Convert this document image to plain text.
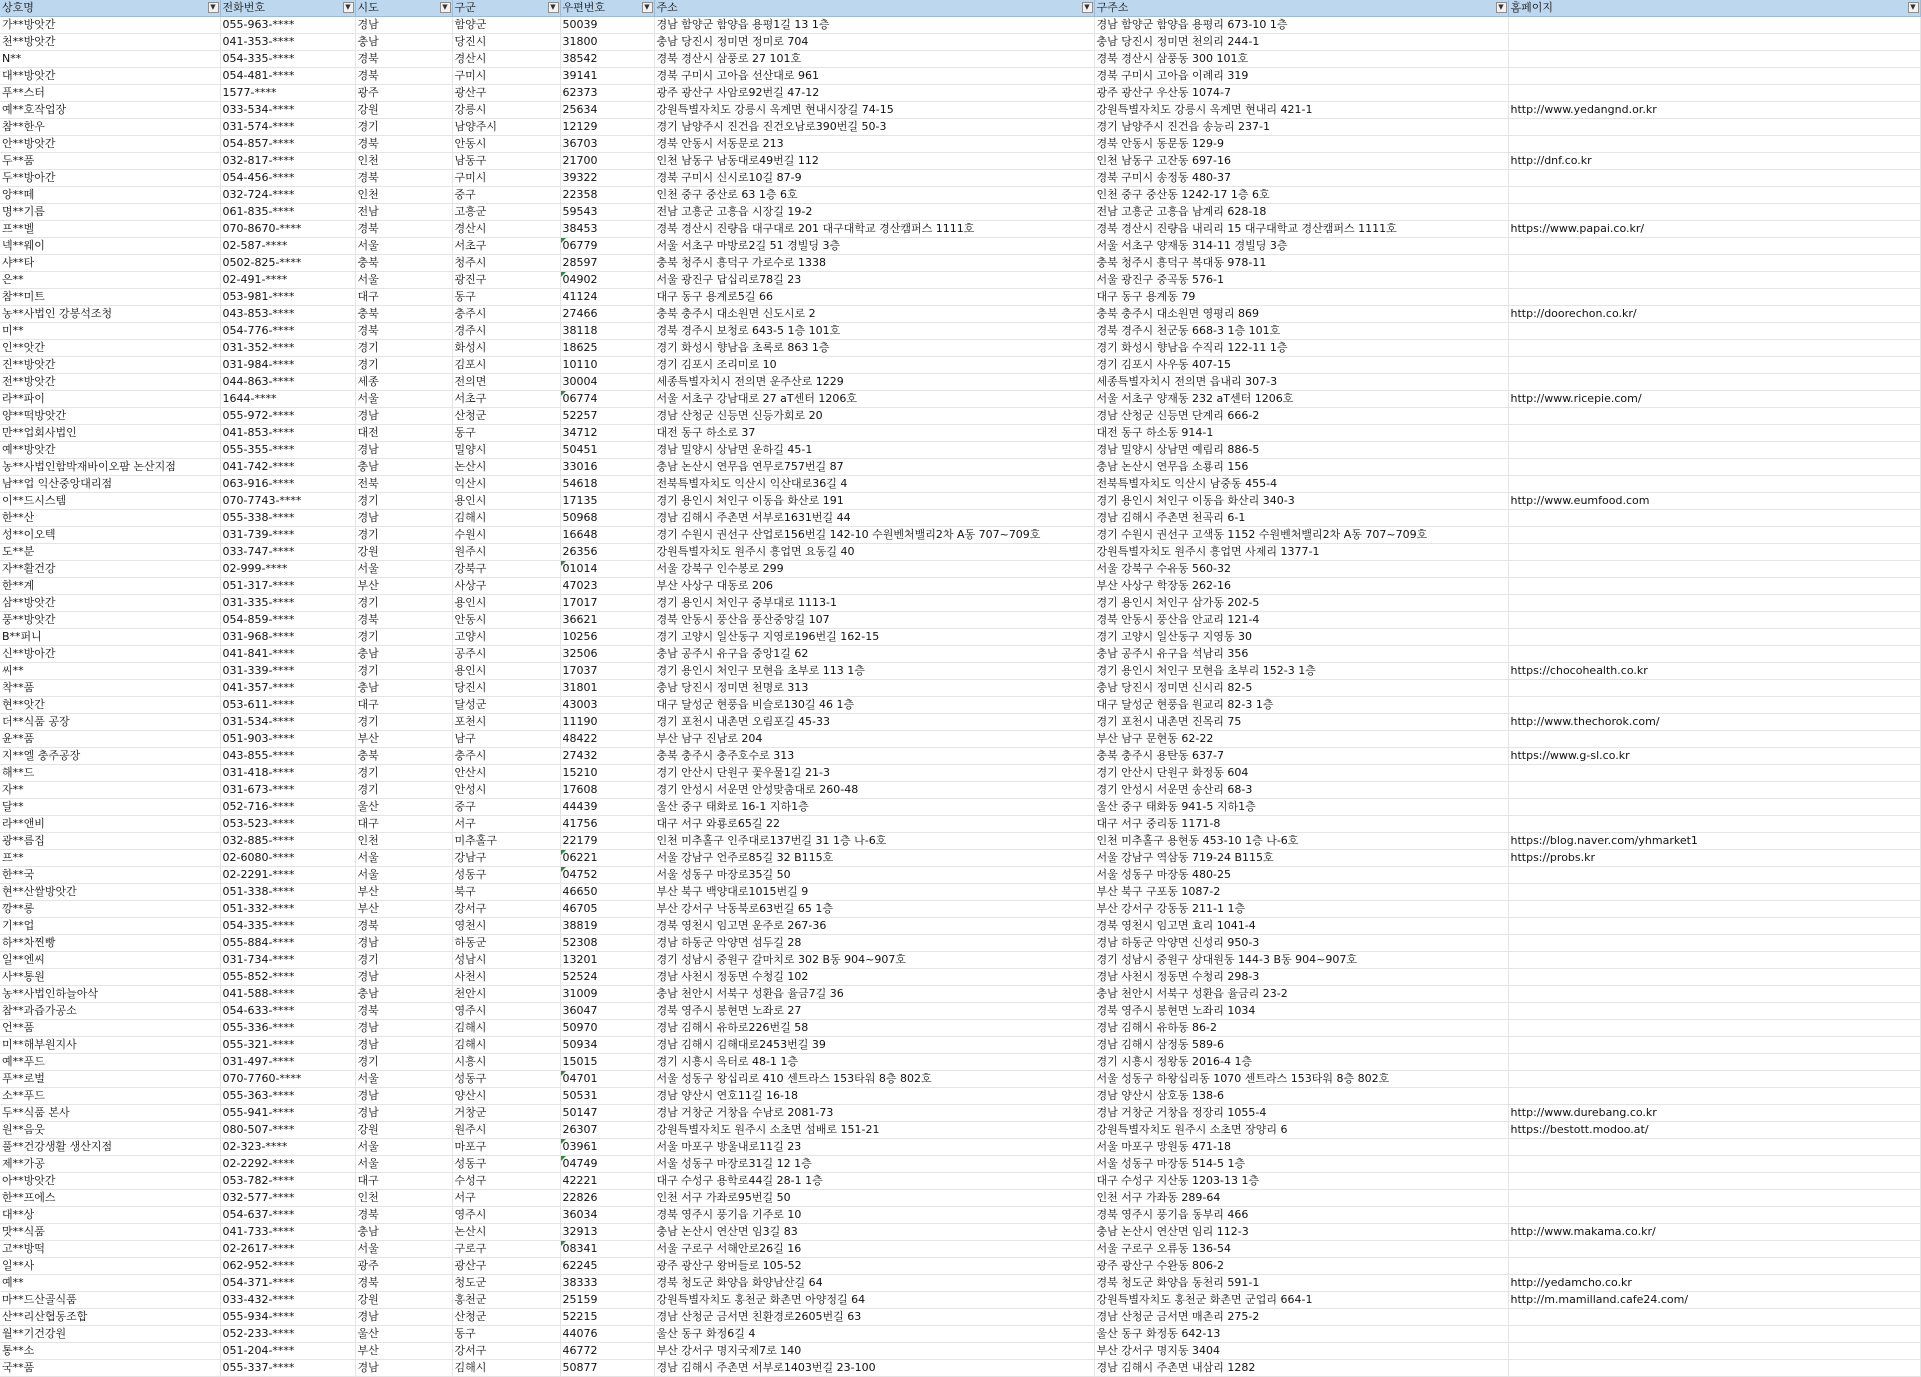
상호명 ▼	전화번호 ▼	시도 ▼	구군 ▼	우편번호 ▼	주소 ▼	구주소 ▼	홈페이지 ▼

가**방앗간	055-963-****	경남	함양군	50039	경남 함양군 함양읍 용평1길 13 1층	경남 함양군 함양읍 용평리 673-10 1층	
천**방앗간	041-353-****	충남	당진시	31800	충남 당진시 정미면 정미로 704	충남 당진시 정미면 천의리 244-1	
N**	054-335-****	경북	경산시	38542	경북 경산시 삼풍로 27 101호	경북 경산시 삼풍동 300 101호	
대**방앗간	054-481-****	경북	구미시	39141	경북 구미시 고아읍 선산대로 961	경북 구미시 고아읍 이례리 319	
푸**스터	1577-****	광주	광산구	62373	광주 광산구 사암로92번길 47-12	광주 광산구 우산동 1074-7	
예**호작업장	033-534-****	강원	강릉시	25634	강원특별자치도 강릉시 옥계면 현내시장길 74-15	강원특별자치도 강릉시 옥계면 현내리 421-1	http://www.yedangnd.or.kr
참**한우	031-574-****	경기	남양주시	12129	경기 남양주시 진건읍 진건오남로390번길 50-3	경기 남양주시 진건읍 송능리 237-1	
안**방앗간	054-857-****	경북	안동시	36703	경북 안동시 서동문로 213	경북 안동시 동문동 129-9	
두**품	032-817-****	인천	남동구	21700	인천 남동구 남동대로49번길 112	인천 남동구 고잔동 697-16	http://dnf.co.kr
두**방아간	054-456-****	경북	구미시	39322	경북 구미시 신시로10길 87-9	경북 구미시 송정동 480-37	
앙**떼	032-724-****	인천	중구	22358	인천 중구 중산로 63 1층 6호	인천 중구 중산동 1242-17 1층 6호	
명**기름	061-835-****	전남	고흥군	59543	전남 고흥군 고흥읍 시장길 19-2	전남 고흥군 고흥읍 남계리 628-18	
프**벨	070-8670-****	경북	경산시	38453	경북 경산시 진량읍 대구대로 201 대구대학교 경산캠퍼스 1111호	경북 경산시 진량읍 내리리 15 대구대학교 경산캠퍼스 1111호	https://www.papai.co.kr/
넥**웨이	02-587-****	서울	서초구	06779	서울 서초구 마방로2길 51 경빌딩 3층	서울 서초구 양재동 314-11 경빌딩 3층	
샤**타	0502-825-****	충북	청주시	28597	충북 청주시 흥덕구 가로수로 1338	충북 청주시 흥덕구 복대동 978-11	
은**	02-491-****	서울	광진구	04902	서울 광진구 답십리로78길 23	서울 광진구 중곡동 576-1	
참**미트	053-981-****	대구	동구	41124	대구 동구 용계로5길 66	대구 동구 용계동 79	
농**사법인 강봉석조청	043-853-****	충북	충주시	27466	충북 충주시 대소원면 신도시로 2	충북 충주시 대소원면 영평리 869	http://doorechon.co.kr/
미**	054-776-****	경북	경주시	38118	경북 경주시 보청로 643-5 1층 101호	경북 경주시 천군동 668-3 1층 101호	
인**앗간	031-352-****	경기	화성시	18625	경기 화성시 향남읍 초록로 863 1층	경기 화성시 향남읍 수직리 122-11 1층	
진**방앗간	031-984-****	경기	김포시	10110	경기 김포시 조리미로 10	경기 김포시 사우동 407-15	
전**방앗간	044-863-****	세종	전의면	30004	세종특별자치시 전의면 운주산로 1229	세종특별자치시 전의면 읍내리 307-3	
라**파이	1644-****	서울	서초구	06774	서울 서초구 강남대로 27 aT센터 1206호	서울 서초구 양재동 232 aT센터 1206호	http://www.ricepie.com/
양**떡방앗간	055-972-****	경남	산청군	52257	경남 산청군 신등면 신등가회로 20	경남 산청군 신등면 단계리 666-2	
만**업회사법인	041-853-****	대전	동구	34712	대전 동구 하소로 37	대전 동구 하소동 914-1	
예**방앗간	055-355-****	경남	밀양시	50451	경남 밀양시 상남면 운하길 45-1	경남 밀양시 상남면 예림리 886-5	
농**사법인함박재바이오팜 논산지점	041-742-****	충남	논산시	33016	충남 논산시 연무읍 연무로757번길 87	충남 논산시 연무읍 소룡리 156	
남**업 익산중앙대리점	063-916-****	전북	익산시	54618	전북특별자치도 익산시 익산대로36길 4	전북특별자치도 익산시 남중동 455-4	
이**드시스템	070-7743-****	경기	용인시	17135	경기 용인시 처인구 이동읍 화산로 191	경기 용인시 처인구 이동읍 화산리 340-3	http://www.eumfood.com
한**산	055-338-****	경남	김해시	50968	경남 김해시 주촌면 서부로1631번길 44	경남 김해시 주촌면 천곡리 6-1	
성**이오텍	031-739-****	경기	수원시	16648	경기 수원시 권선구 산업로156번길 142-10 수원벤처밸리2차 A동 707~709호	경기 수원시 권선구 고색동 1152 수원벤처밸리2차 A동 707~709호	
도**분	033-747-****	강원	원주시	26356	강원특별자치도 원주시 흥업면 요동길 40	강원특별자치도 원주시 흥업면 사제리 1377-1	
자**활건강	02-999-****	서울	강북구	01014	서울 강북구 인수봉로 299	서울 강북구 수유동 560-32	
한**계	051-317-****	부산	사상구	47023	부산 사상구 대동로 206	부산 사상구 학장동 262-16	
삼**방앗간	031-335-****	경기	용인시	17017	경기 용인시 처인구 중부대로 1113-1	경기 용인시 처인구 삼가동 202-5	
풍**방앗간	054-859-****	경북	안동시	36621	경북 안동시 풍산읍 풍산중앙길 107	경북 안동시 풍산읍 안교리 121-4	
B**퍼니	031-968-****	경기	고양시	10256	경기 고양시 일산동구 지영로196번길 162-15	경기 고양시 일산동구 지영동 30	
신**방아간	041-841-****	충남	공주시	32506	충남 공주시 유구읍 중앙1길 62	충남 공주시 유구읍 석남리 356	
씨**	031-339-****	경기	용인시	17037	경기 용인시 처인구 모현읍 초부로 113 1층	경기 용인시 처인구 모현읍 초부리 152-3 1층	https://chocohealth.co.kr
착**품	041-357-****	충남	당진시	31801	충남 당진시 정미면 천명로 313	충남 당진시 정미면 신시리 82-5	
현**앗간	053-611-****	대구	달성군	43003	대구 달성군 현풍읍 비슬로130길 46 1층	대구 달성군 현풍읍 원교리 82-3 1층	
더**식품 공장	031-534-****	경기	포천시	11190	경기 포천시 내촌면 오림포길 45-33	경기 포천시 내촌면 진목리 75	http://www.thechorok.com/
윤**품	051-903-****	부산	남구	48422	부산 남구 진남로 204	부산 남구 문현동 62-22	
지**엘 충주공장	043-855-****	충북	충주시	27432	충북 충주시 충주호수로 313	충북 충주시 용탄동 637-7	https://www.g-sl.co.kr
해**드	031-418-****	경기	안산시	15210	경기 안산시 단원구 꽃우물1길 21-3	경기 안산시 단원구 화정동 604	
자**	031-673-****	경기	안성시	17608	경기 안성시 서운면 안성맞춤대로 260-48	경기 안성시 서운면 송산리 68-3	
달**	052-716-****	울산	중구	44439	울산 중구 태화로 16-1 지하1층	울산 중구 태화동 941-5 지하1층	
라**앤비	053-523-****	대구	서구	41756	대구 서구 와룡로65길 22	대구 서구 중리동 1171-8	
광**름집	032-885-****	인천	미추홀구	22179	인천 미추홀구 인주대로137번길 31 1층 나-6호	인천 미추홀구 용현동 453-10 1층 나-6호	https://blog.naver.com/yhmarket1
프**	02-6080-****	서울	강남구	06221	서울 강남구 언주로85길 32 B115호	서울 강남구 역삼동 719-24 B115호	https://probs.kr
한**국	02-2291-****	서울	성동구	04752	서울 성동구 마장로35길 50	서울 성동구 마장동 480-25	
현**산쌀방앗간	051-338-****	부산	북구	46650	부산 북구 백양대로1015번길 9	부산 북구 구포동 1087-2	
깡**롱	051-332-****	부산	강서구	46705	부산 강서구 낙동북로63번길 65 1층	부산 강서구 강동동 211-1 1층	
기**업	054-335-****	경북	영천시	38819	경북 영천시 임고면 운주로 267-36	경북 영천시 임고면 효리 1041-4	
하**차찐빵	055-884-****	경남	하동군	52308	경남 하동군 악양면 섬두길 28	경남 하동군 악양면 신성리 950-3	
일**엔씨	031-734-****	경기	성남시	13201	경기 성남시 중원구 갈마치로 302 B동 904~907호	경기 성남시 중원구 상대원동 144-3 B동 904~907호	
사**통원	055-852-****	경남	사천시	52524	경남 사천시 정동면 수청길 102	경남 사천시 정동면 수청리 298-3	
농**사법인하늘아삭	041-588-****	충남	천안시	31009	충남 천안시 서북구 성환읍 율금7길 36	충남 천안시 서북구 성환읍 율금리 23-2	
참**과즙가공소	054-633-****	경북	영주시	36047	경북 영주시 봉현면 노좌로 27	경북 영주시 봉현면 노좌리 1034	
언**품	055-336-****	경남	김해시	50970	경남 김해시 유하로226번길 58	경남 김해시 유하동 86-2	
미**해부원지사	055-321-****	경남	김해시	50934	경남 김해시 김해대로2453번길 39	경남 김해시 삼정동 589-6	
예**푸드	031-497-****	경기	시흥시	15015	경기 시흥시 옥터로 48-1 1층	경기 시흥시 정왕동 2016-4 1층	
푸**로벌	070-7760-****	서울	성동구	04701	서울 성동구 왕십리로 410 센트라스 153타워 8층 802호	서울 성동구 하왕십리동 1070 센트라스 153타워 8층 802호	
소**푸드	055-363-****	경남	양산시	50531	경남 양산시 연호11길 16-18	경남 양산시 삼호동 138-6	
두**식품 본사	055-941-****	경남	거창군	50147	경남 거창군 거창읍 수남로 2081-73	경남 거창군 거창읍 정장리 1055-4	http://www.durebang.co.kr
원**음웃	080-507-****	강원	원주시	26307	강원특별자치도 원주시 소초면 섬배로 151-21	강원특별자치도 원주시 소초면 장양리 6	https://bestott.modoo.at/
풀**건강생활 생산지점	02-323-****	서울	마포구	03961	서울 마포구 방울내로11길 23	서울 마포구 망원동 471-18	
제**가공	02-2292-****	서울	성동구	04749	서울 성동구 마장로31길 12 1층	서울 성동구 마장동 514-5 1층	
아**방앗간	053-782-****	대구	수성구	42221	대구 수성구 용학로44길 28-1 1층	대구 수성구 지산동 1203-13 1층	
한**프에스	032-577-****	인천	서구	22826	인천 서구 가좌로95번길 50	인천 서구 가좌동 289-64	
대**상	054-637-****	경북	영주시	36034	경북 영주시 풍기읍 기주로 10	경북 영주시 풍기읍 동부리 466	
맛**식품	041-733-****	충남	논산시	32913	충남 논산시 연산면 임3길 83	충남 논산시 연산면 임리 112-3	http://www.makama.co.kr/
고**방떡	02-2617-****	서울	구로구	08341	서울 구로구 서해안로26길 16	서울 구로구 오류동 136-54	
일**사	062-952-****	광주	광산구	62245	광주 광산구 왕버들로 105-52	광주 광산구 수완동 806-2	
예**	054-371-****	경북	청도군	38333	경북 청도군 화양읍 화양남산길 64	경북 청도군 화양읍 동천리 591-1	http://yedamcho.co.kr
마**드산골식품	033-432-****	강원	홍천군	25159	강원특별자치도 홍천군 화촌면 아양정길 64	강원특별자치도 홍천군 화촌면 군업리 664-1	http://m.mamilland.cafe24.com/
산**리산협동조합	055-934-****	경남	산청군	52215	경남 산청군 금서면 친환경로2605번길 63	경남 산청군 금서면 매촌리 275-2	
월**기건강원	052-233-****	울산	동구	44076	울산 동구 화정6길 4	울산 동구 화정동 642-13	
통**소	051-204-****	부산	강서구	46772	부산 강서구 명지국제7로 140	부산 강서구 명지동 3404	
국**품	055-337-****	경남	김해시	50877	경남 김해시 주촌면 서부로1403번길 23-100	경남 김해시 주촌면 내삼리 1282	
